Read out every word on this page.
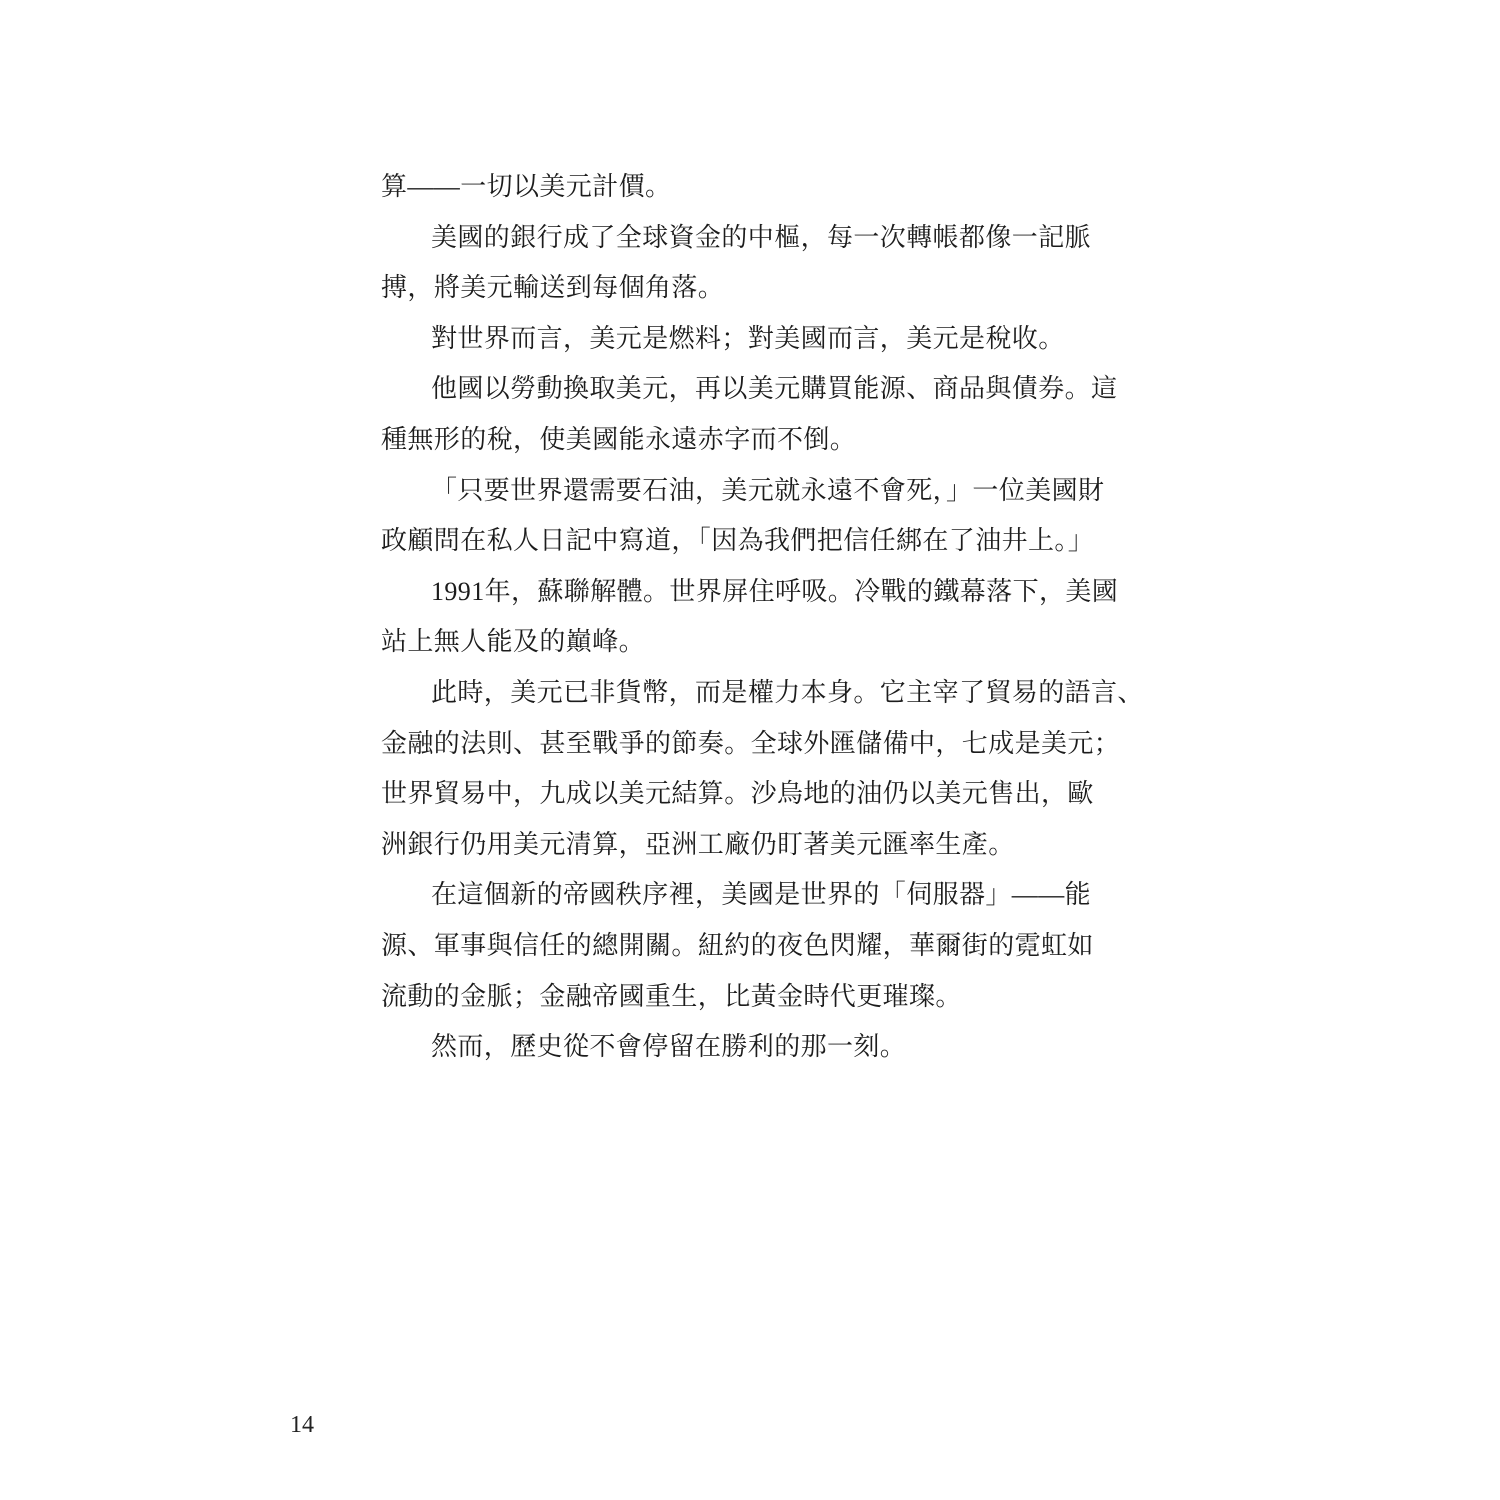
算——一切以美元計價。
美國的銀行成了全球資金的中樞，每一次轉帳都像一記脈
搏，將美元輸送到每個角落。
對世界而言，美元是燃料；對美國而言，美元是稅收。
他國以勞動換取美元，再以美元購買能源、商品與債券。這
種無形的稅，使美國能永遠赤字而不倒。
「只要世界還需要石油，美元就永遠不會死，」一位美國財
政顧問在私人日記中寫道，「因為我們把信任綁在了油井上。」
1991年，蘇聯解體。世界屏住呼吸。冷戰的鐵幕落下，美國
站上無人能及的巔峰。
此時，美元已非貨幣，而是權力本身。它主宰了貿易的語言、
金融的法則、甚至戰爭的節奏。全球外匯儲備中，七成是美元；
世界貿易中，九成以美元結算。沙烏地的油仍以美元售出，歐
洲銀行仍用美元清算，亞洲工廠仍盯著美元匯率生產。
在這個新的帝國秩序裡，美國是世界的「伺服器」——能
源、軍事與信任的總開關。紐約的夜色閃耀，華爾街的霓虹如
流動的金脈；金融帝國重生，比黃金時代更璀璨。
然而，歷史從不會停留在勝利的那一刻。
14
